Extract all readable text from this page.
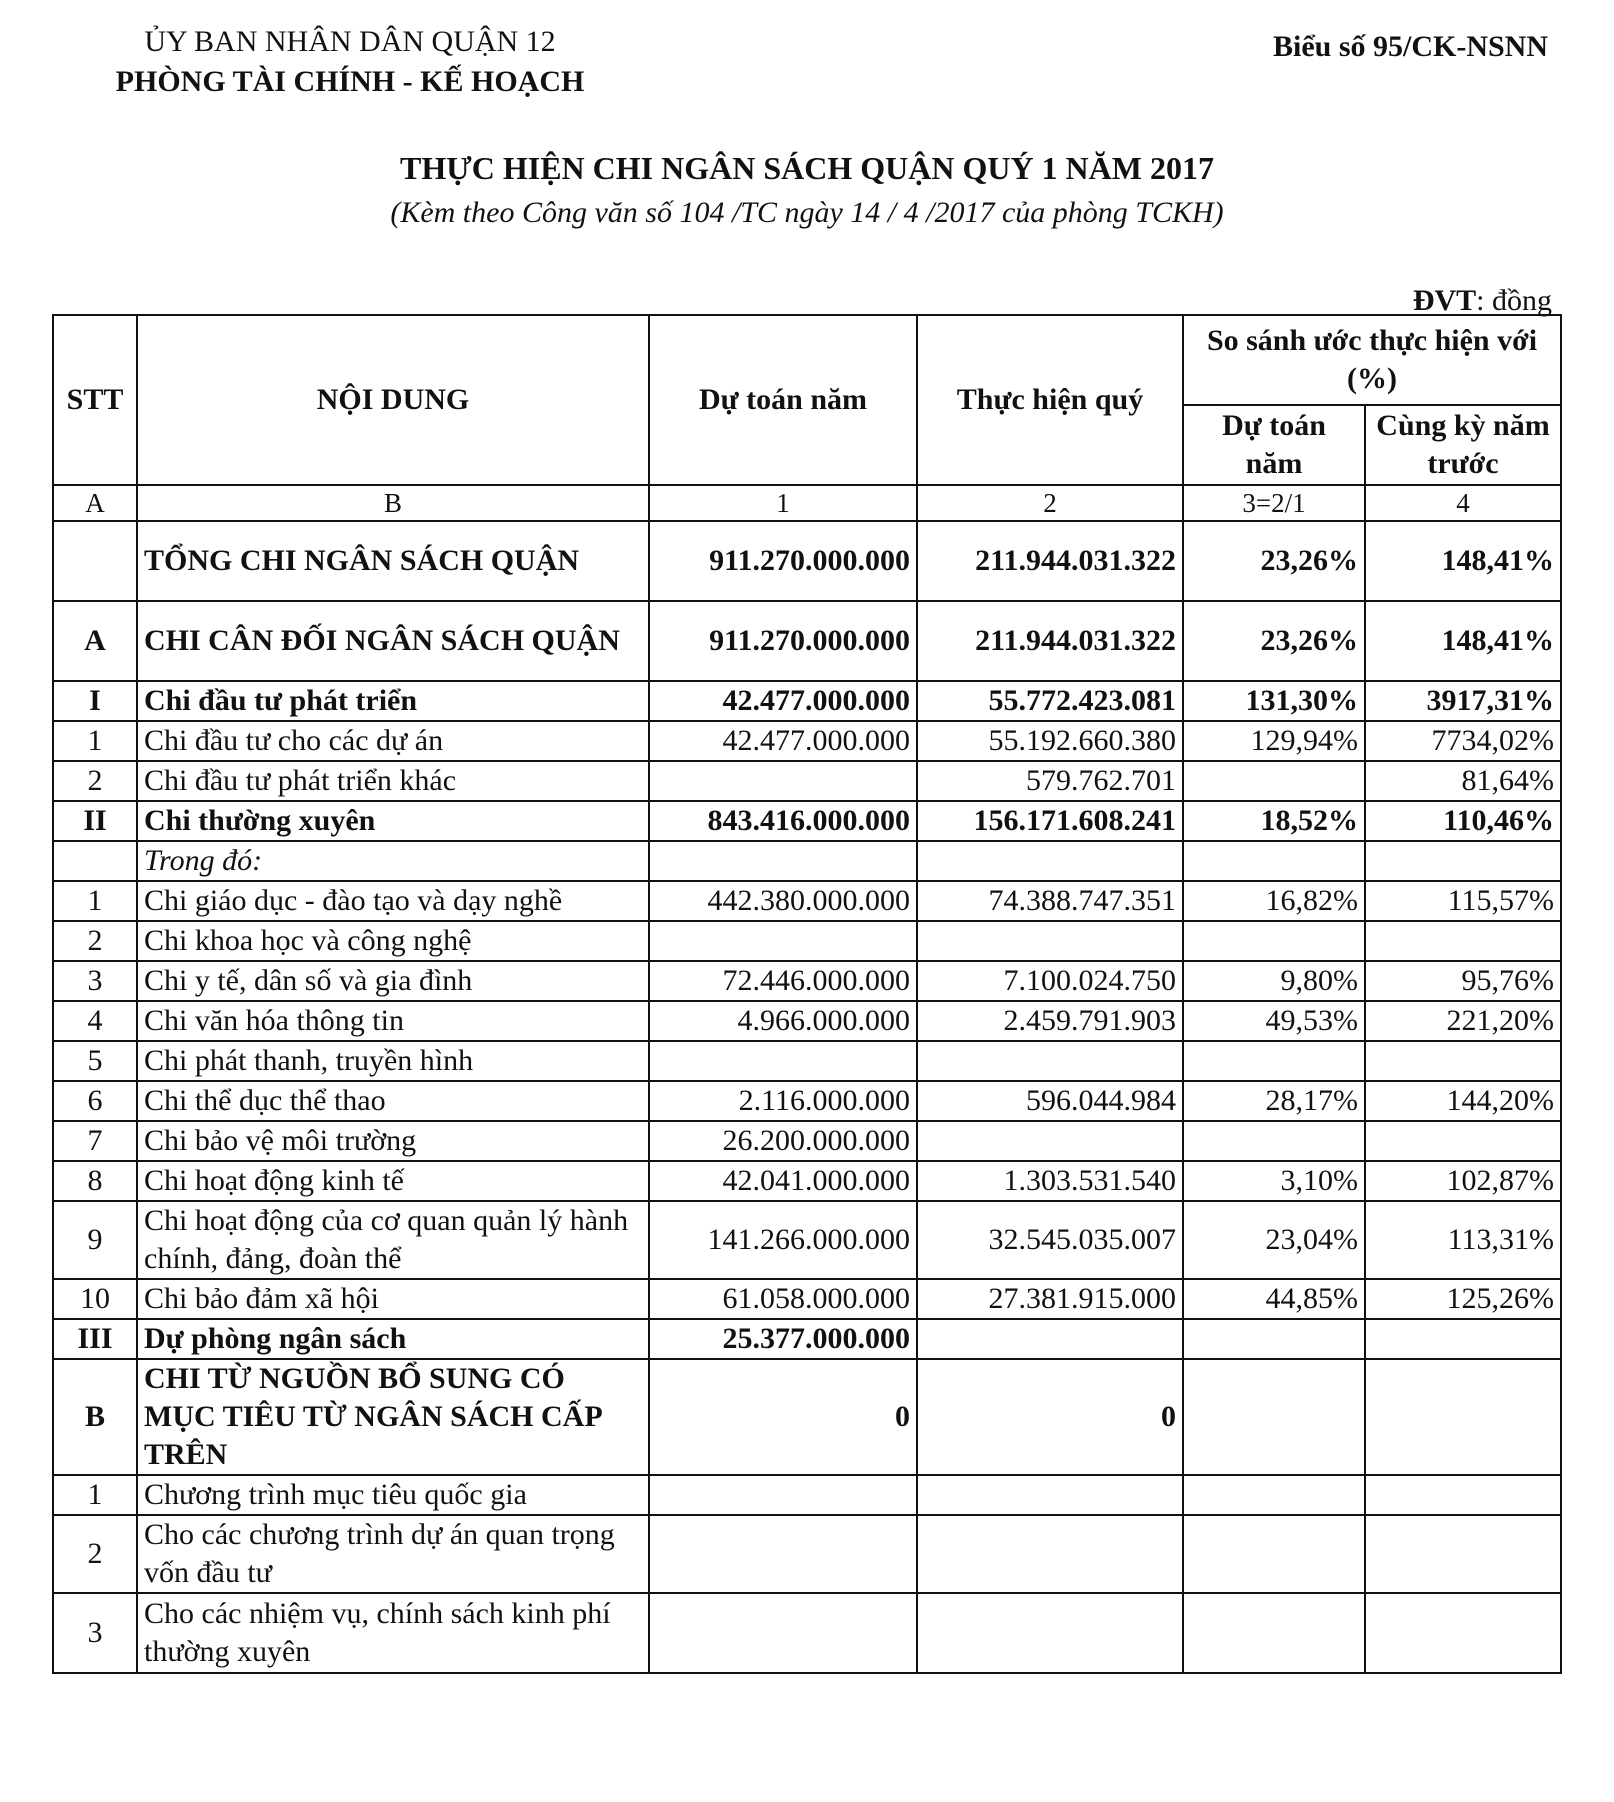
ỦY BAN NHÂN DÂN QUẬN 12
PHÒNG TÀI CHÍNH - KẾ HOẠCH
Biểu số 95/CK-NSNN
THỰC HIỆN CHI NGÂN SÁCH QUẬN QUÝ 1 NĂM 2017
(Kèm theo Công văn số 104 /TC ngày 14 / 4 /2017 của phòng TCKH)
ĐVT: đồng
STT	NỘI DUNG	Dự toán năm	Thực hiện quý	So sánh ước thực hiện với (%)	
				Dự toán năm	Cùng kỳ năm trước
A	B	1	2	3=2/1	4
	TỔNG CHI NGÂN SÁCH QUẬN	911.270.000.000	211.944.031.322	23,26%	148,41%
A	CHI CÂN ĐỐI NGÂN SÁCH QUẬN	911.270.000.000	211.944.031.322	23,26%	148,41%
I	Chi đầu tư phát triển	42.477.000.000	55.772.423.081	131,30%	3917,31%
1	Chi đầu tư cho các dự án	42.477.000.000	55.192.660.380	129,94%	7734,02%
2	Chi đầu tư phát triển khác		579.762.701		81,64%
II	Chi thường xuyên	843.416.000.000	156.171.608.241	18,52%	110,46%
	Trong đó:				
1	Chi giáo dục - đào tạo và dạy nghề	442.380.000.000	74.388.747.351	16,82%	115,57%
2	Chi khoa học và công nghệ				
3	Chi y tế, dân số và gia đình	72.446.000.000	7.100.024.750	9,80%	95,76%
4	Chi văn hóa thông tin	4.966.000.000	2.459.791.903	49,53%	221,20%
5	Chi phát thanh, truyền hình				
6	Chi thể dục thể thao	2.116.000.000	596.044.984	28,17%	144,20%
7	Chi bảo vệ môi trường	26.200.000.000			
8	Chi hoạt động kinh tế	42.041.000.000	1.303.531.540	3,10%	102,87%
9	Chi hoạt động của cơ quan quản lý hành chính, đảng, đoàn thể	141.266.000.000	32.545.035.007	23,04%	113,31%
10	Chi bảo đảm xã hội	61.058.000.000	27.381.915.000	44,85%	125,26%
III	Dự phòng ngân sách	25.377.000.000			
B	CHI TỪ NGUỒN BỔ SUNG CÓ MỤC TIÊU TỪ NGÂN SÁCH CẤP TRÊN	0	0		
1	Chương trình mục tiêu quốc gia				
2	Cho các chương trình dự án quan trọng vốn đầu tư				
3	Cho các nhiệm vụ, chính sách kinh phí thường xuyên				
